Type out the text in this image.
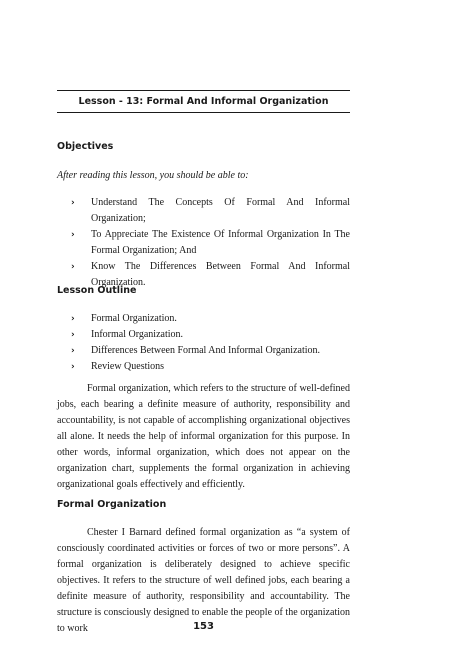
Lesson - 13: Formal And Informal Organization
Objectives
After reading this lesson, you should be able to:
› Understand The Concepts Of Formal And Informal Organization;
› To Appreciate The Existence Of Informal Organization In The Formal Organization; And
› Know The Differences Between Formal And Informal Organization.
Lesson Outline
› Formal Organization.
› Informal Organization.
› Differences Between Formal And Informal Organization.
› Review Questions

Formal organization, which refers to the structure of well-defined jobs, each bearing a definite measure of authority, responsibility and accountability, is not capable of accomplishing organizational objectives all alone. It needs the help of informal organization for this purpose. In other words, informal organization, which does not appear on the organization chart, supplements the formal organization in achieving organizational goals effectively and efficiently.

Formal Organization

Chester I Barnard defined formal organization as “a system of consciously coordinated activities or forces of two or more persons”. A formal organization is deliberately designed to achieve specific objectives. It refers to the structure of well defined jobs, each bearing a definite measure of authority, responsibility and accountability. The structure is consciously designed to enable the people of the organization to work	153
